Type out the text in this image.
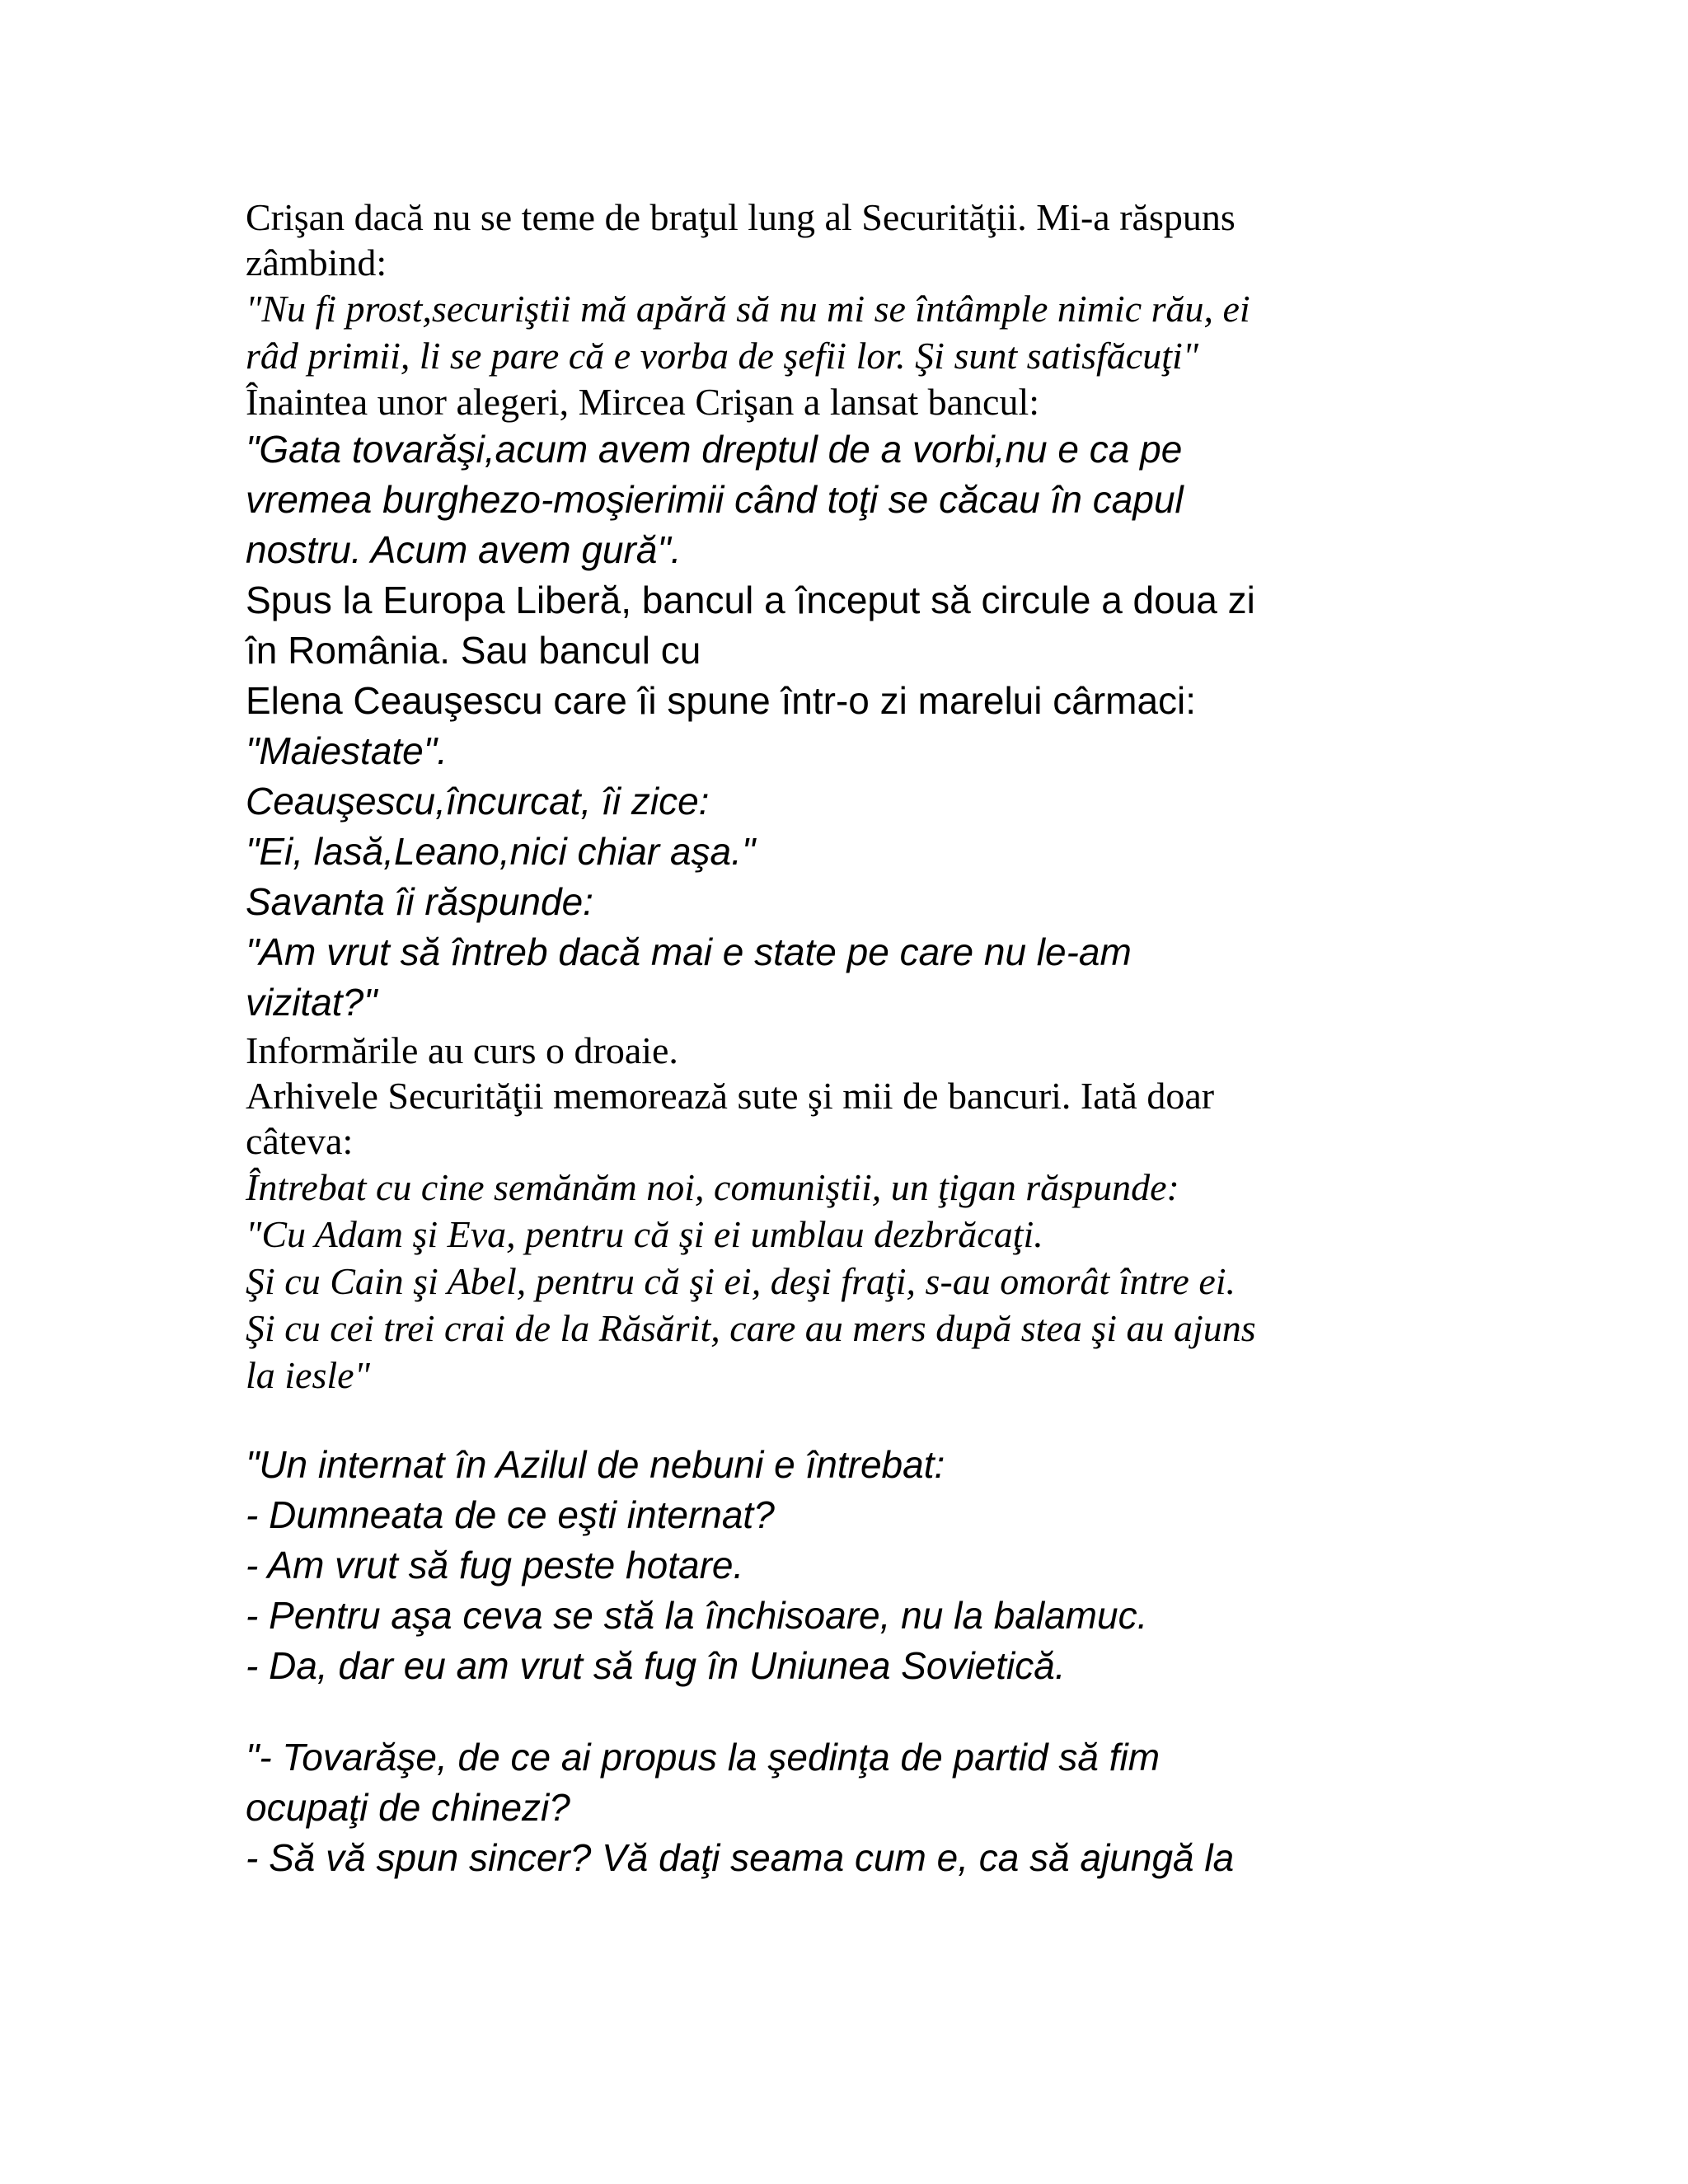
Crişan dacă nu se teme de braţul lung al Securităţii. Mi-a răspuns
zâmbind:
"Nu fi prost,securiştii mă apără să nu mi se întâmple nimic rău, ei
râd primii, li se pare că e vorba de şefii lor. Şi sunt satisfăcuţi"
Înaintea unor alegeri, Mircea Crişan a lansat bancul:
"Gata tovarăşi,acum avem dreptul de a vorbi,nu e ca pe
vremea burghezo-moşierimii când toţi se căcau în capul
nostru. Acum avem gură".
Spus la Europa Liberă, bancul a început să circule a doua zi
în România. Sau bancul cu
Elena Ceauşescu care îi spune într-o zi marelui cârmaci:
"Maiestate".
Ceauşescu,încurcat, îi zice:
"Ei, lasă,Leano,nici chiar aşa."
Savanta îi răspunde:
"Am vrut să întreb dacă mai e state pe care nu le-am
vizitat?"
Informările au curs o droaie.
Arhivele Securităţii memorează sute şi mii de bancuri. Iată doar
câteva:
Întrebat cu cine semănăm noi, comuniştii, un ţigan răspunde:
"Cu Adam şi Eva, pentru că şi ei umblau dezbrăcaţi.
Şi cu Cain şi Abel, pentru că şi ei, deşi fraţi, s-au omorât între ei.
Şi cu cei trei crai de la Răsărit, care au mers după stea şi au ajuns
la iesle"
"Un internat în Azilul de nebuni e întrebat:
- Dumneata de ce eşti internat?
- Am vrut să fug peste hotare.
- Pentru aşa ceva se stă la închisoare, nu la balamuc.
- Da, dar eu am vrut să fug în Uniunea Sovietică.
"- Tovarăşe, de ce ai propus la şedinţa de partid să fim
ocupaţi de chinezi?
- Să vă spun sincer? Vă daţi seama cum e, ca să ajungă la
